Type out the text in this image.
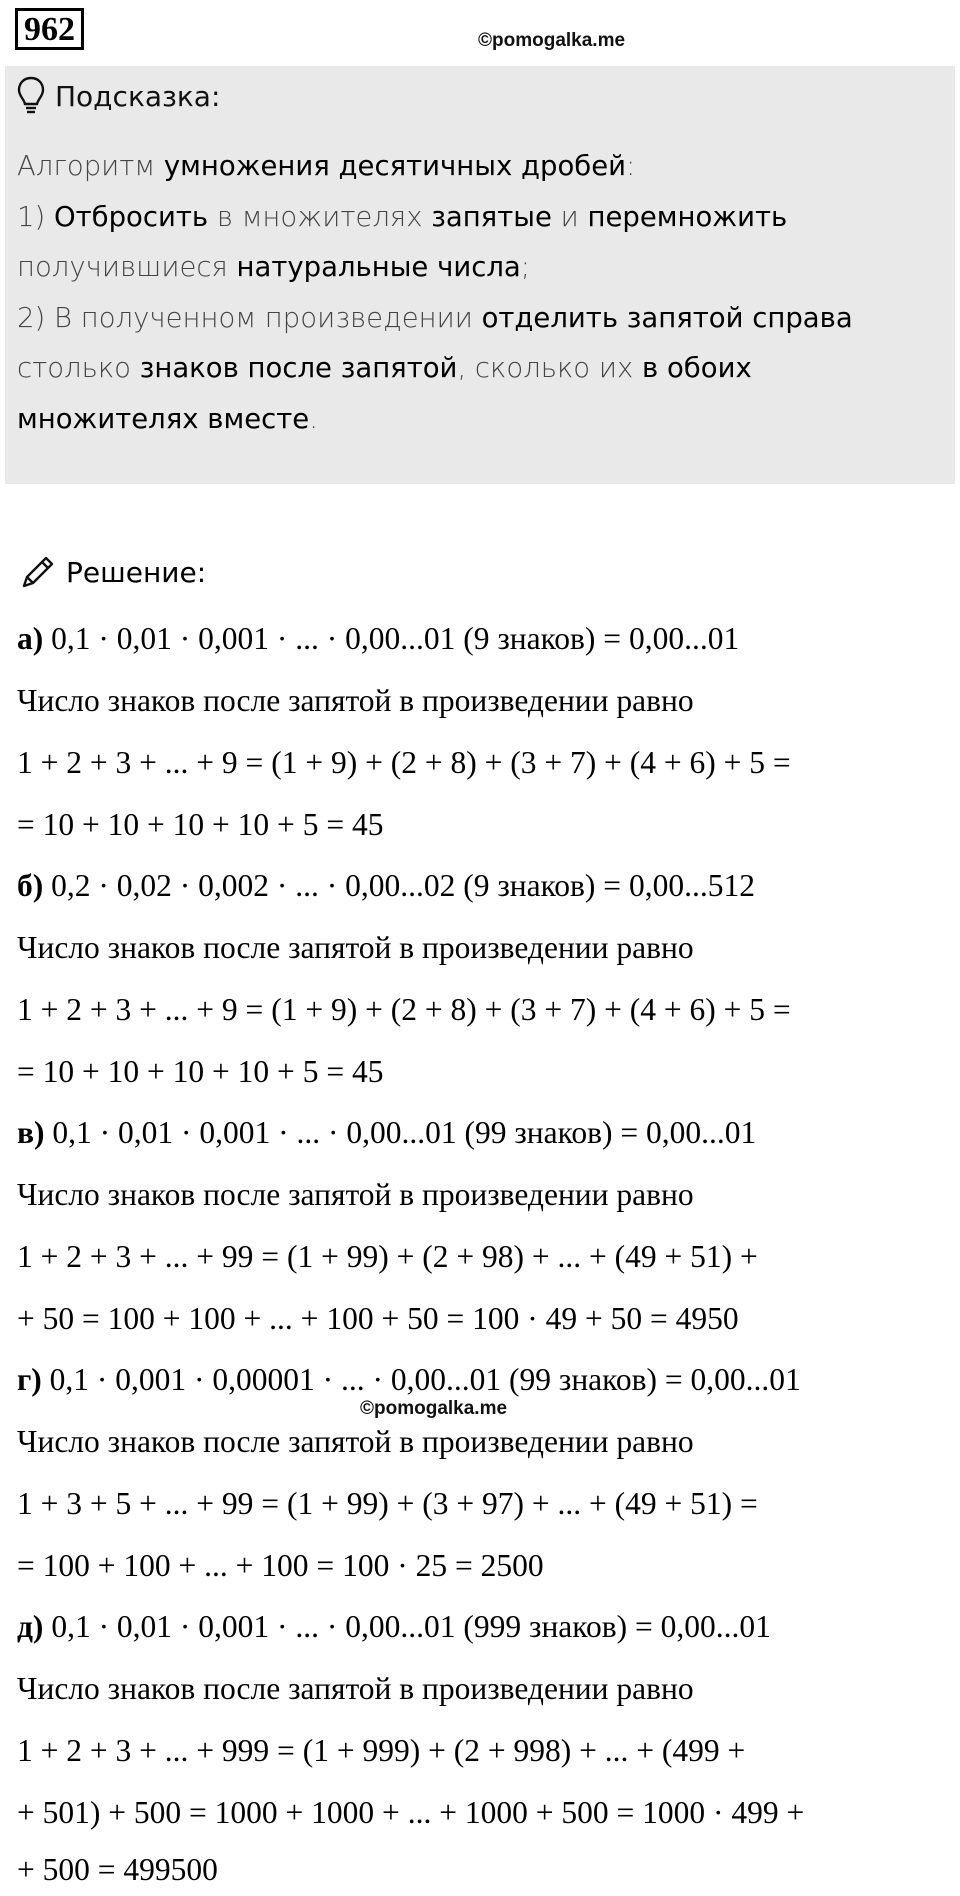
962	©pomogalka.me
Подсказка:
Алгоритм умножения десятичных дробей:
1) Отбросить в множителях запятые и перемножить
получившиеся натуральные числа;
2) В полученном произведении отделить запятой справа
столько знаков после запятой, сколько их в обоих
множителях вместе.
Решение:
а) 0,1 · 0,01 · 0,001 · ... · 0,00...01 (9 знаков) = 0,00...01
Число знаков после запятой в произведении равно
1 + 2 + 3 + ... + 9 = (1 + 9) + (2 + 8) + (3 + 7) + (4 + 6) + 5 =
= 10 + 10 + 10 + 10 + 5 = 45
б) 0,2 · 0,02 · 0,002 · ... · 0,00...02 (9 знаков) = 0,00...512
Число знаков после запятой в произведении равно
1 + 2 + 3 + ... + 9 = (1 + 9) + (2 + 8) + (3 + 7) + (4 + 6) + 5 =
= 10 + 10 + 10 + 10 + 5 = 45
в) 0,1 · 0,01 · 0,001 · ... · 0,00...01 (99 знаков) = 0,00...01
Число знаков после запятой в произведении равно
1 + 2 + 3 + ... + 99 = (1 + 99) + (2 + 98) + ... + (49 + 51) +
+ 50 = 100 + 100 + ... + 100 + 50 = 100 · 49 + 50 = 4950
г) 0,1 · 0,001 · 0,00001 · ... · 0,00...01 (99 знаков) = 0,00...01
©pomogalka.me
Число знаков после запятой в произведении равно
1 + 3 + 5 + ... + 99 = (1 + 99) + (3 + 97) + ... + (49 + 51) =
= 100 + 100 + ... + 100 = 100 · 25 = 2500
д) 0,1 · 0,01 · 0,001 · ... · 0,00...01 (999 знаков) = 0,00...01
Число знаков после запятой в произведении равно
1 + 2 + 3 + ... + 999 = (1 + 999) + (2 + 998) + ... + (499 +
+ 501) + 500 = 1000 + 1000 + ... + 1000 + 500 = 1000 · 499 +
+ 500 = 499500
